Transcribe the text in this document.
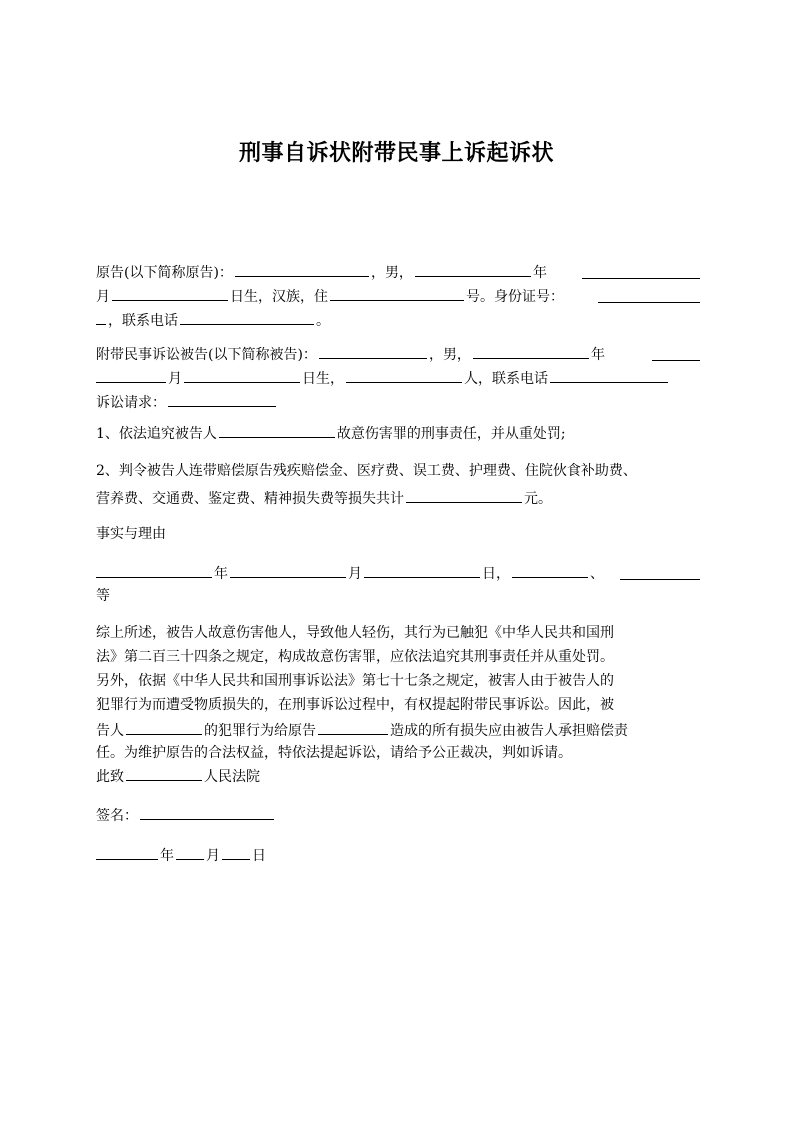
刑事自诉状附带民事上诉起诉状
原告(以下简称原告)：	，男，	年
月	日生，汉族，住	号。身份证号：
，联系电话	。
附带民事诉讼被告(以下简称被告)：	，男，	年
月	日生，	人，联系电话
诉讼请求：
1、依法追究被告人	故意伤害罪的刑事责任，并从重处罚;
2、判令被告人连带赔偿原告残疾赔偿金、医疗费、误工费、护理费、住院伙食补助费、
营养费、交通费、鉴定费、精神损失费等损失共计	元。
事实与理由
年	月	日，	、
等
综上所述，被告人故意伤害他人，导致他人轻伤，其行为已触犯《中华人民共和国刑
法》第二百三十四条之规定，构成故意伤害罪，应依法追究其刑事责任并从重处罚。
另外，依据《中华人民共和国刑事诉讼法》第七十七条之规定，被害人由于被告人的
犯罪行为而遭受物质损失的，在刑事诉讼过程中，有权提起附带民事诉讼。因此，被
告人	的犯罪行为给原告	造成的所有损失应由被告人承担赔偿责
任。为维护原告的合法权益，特依法提起诉讼，请给予公正裁决，判如诉请。
此致	人民法院
签名：
年 月 日
